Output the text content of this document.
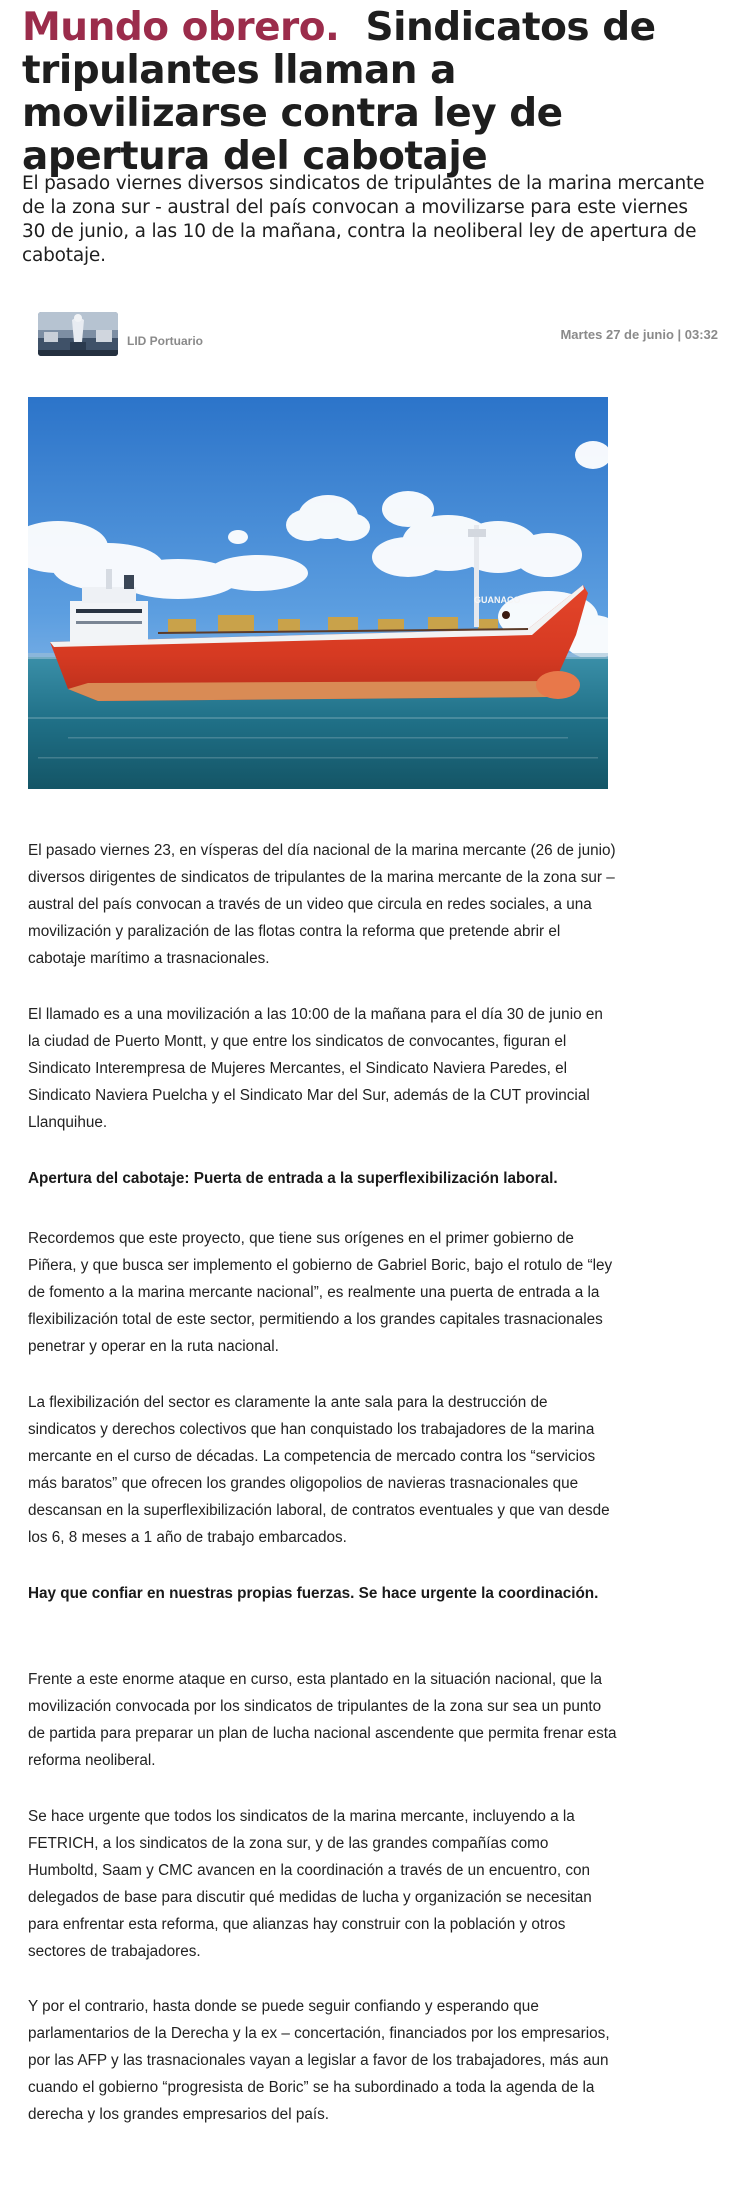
Mundo obrero. Sindicatos de tripulantes llaman a movilizarse contra ley de apertura del cabotaje

El pasado viernes diversos sindicatos de tripulantes de la marina mercante de la zona sur - austral del país convocan a movilizarse para este viernes 30 de junio, a las 10 de la mañana, contra la neoliberal ley de apertura de cabotaje.

LID Portuario	Martes 27 de junio | 03:32
GUANACO

El pasado viernes 23, en vísperas del día nacional de la marina mercante (26 de junio) diversos dirigentes de sindicatos de tripulantes de la marina mercante de la zona sur – austral del país convocan a través de un video que circula en redes sociales, a una movilización y paralización de las flotas contra la reforma que pretende abrir el cabotaje marítimo a trasnacionales.

El llamado es a una movilización a las 10:00 de la mañana para el día 30 de junio en la ciudad de Puerto Montt, y que entre los sindicatos de convocantes, figuran el Sindicato Interempresa de Mujeres Mercantes, el Sindicato Naviera Paredes, el Sindicato Naviera Puelcha y el Sindicato Mar del Sur, además de la CUT provincial Llanquihue.

Apertura del cabotaje: Puerta de entrada a la superflexibilización laboral.

Recordemos que este proyecto, que tiene sus orígenes en el primer gobierno de Piñera, y que busca ser implemento el gobierno de Gabriel Boric, bajo el rotulo de “ley de fomento a la marina mercante nacional”, es realmente una puerta de entrada a la flexibilización total de este sector, permitiendo a los grandes capitales trasnacionales penetrar y operar en la ruta nacional.

La flexibilización del sector es claramente la ante sala para la destrucción de sindicatos y derechos colectivos que han conquistado los trabajadores de la marina mercante en el curso de décadas. La competencia de mercado contra los “servicios más baratos” que ofrecen los grandes oligopolios de navieras trasnacionales que descansan en la superflexibilización laboral, de contratos eventuales y que van desde los 6, 8 meses a 1 año de trabajo embarcados.

Hay que confiar en nuestras propias fuerzas. Se hace urgente la coordinación.

Frente a este enorme ataque en curso, esta plantado en la situación nacional, que la movilización convocada por los sindicatos de tripulantes de la zona sur sea un punto de partida para preparar un plan de lucha nacional ascendente que permita frenar esta reforma neoliberal.

Se hace urgente que todos los sindicatos de la marina mercante, incluyendo a la FETRICH, a los sindicatos de la zona sur, y de las grandes compañías como Humboltd, Saam y CMC avancen en la coordinación a través de un encuentro, con delegados de base para discutir qué medidas de lucha y organización se necesitan para enfrentar esta reforma, que alianzas hay construir con la población y otros sectores de trabajadores.

Y por el contrario, hasta donde se puede seguir confiando y esperando que parlamentarios de la Derecha y la ex – concertación, financiados por los empresarios, por las AFP y las trasnacionales vayan a legislar a favor de los trabajadores, más aun cuando el gobierno “progresista de Boric” se ha subordinado a toda la agenda de la derecha y los grandes empresarios del país.
